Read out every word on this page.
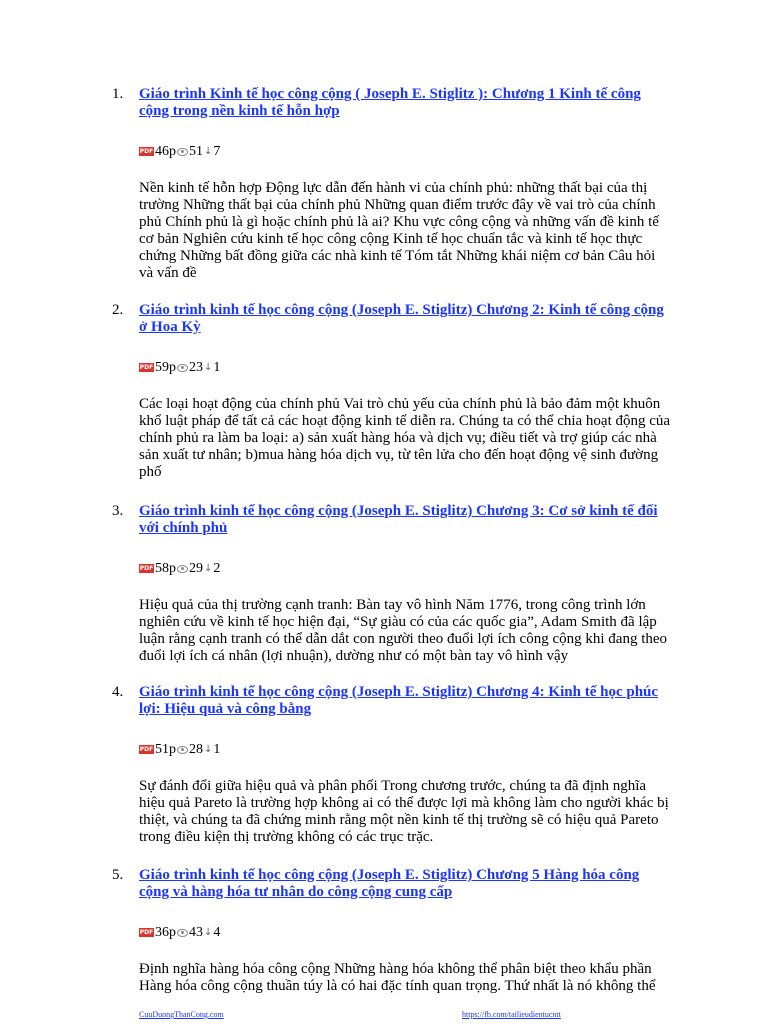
1.	Giáo trình Kinh tế học công cộng ( Joseph E. Stiglitz ): Chương 1 Kinh tế công cộng trong nền kinh tế hỗn hợp
PDF 46p 51 ↓ 7
Nền kinh tế hỗn hợp Động lực dẫn đến hành vi của chính phủ: những thất bại của thị trường Những thất bại của chính phủ Những quan điểm trước đây về vai trò của chính phủ Chính phủ là gì hoặc chính phủ là ai? Khu vực công cộng và những vấn đề kinh tế cơ bản Nghiên cứu kinh tế học công cộng Kinh tế học chuẩn tắc và kinh tế học thực chứng Những bất đồng giữa các nhà kinh tế Tóm tắt Những khái niệm cơ bản Câu hỏi và vấn đề
2.	Giáo trình kinh tế học công cộng (Joseph E. Stiglitz) Chương 2: Kinh tế công cộng ở Hoa Kỳ
PDF 59p 23 ↓ 1
Các loại hoạt động của chính phủ Vai trò chủ yếu của chính phủ là bảo đảm một khuôn khổ luật pháp để tất cả các hoạt động kinh tế diễn ra. Chúng ta có thể chia hoạt động của chính phủ ra làm ba loại: a) sản xuất hàng hóa và dịch vụ; điều tiết và trợ giúp các nhà sản xuất tư nhân; b)mua hàng hóa dịch vụ, từ tên lửa cho đến hoạt động vệ sinh đường phố
3.	Giáo trình kinh tế học công cộng (Joseph E. Stiglitz) Chương 3: Cơ sở kinh tế đối với chính phủ
PDF 58p 29 ↓ 2
Hiệu quả của thị trường cạnh tranh: Bàn tay vô hình Năm 1776, trong công trình lớn nghiên cứu về kinh tế học hiện đại, “Sự giàu có của các quốc gia”, Adam Smith đã lập luận rằng cạnh tranh có thể dẫn dắt con người theo đuổi lợi ích công cộng khi đang theo đuổi lợi ích cá nhân (lợi nhuận), dường như có một bàn tay vô hình vậy
4.	Giáo trình kinh tế học công cộng (Joseph E. Stiglitz) Chương 4: Kinh tế học phúc lợi: Hiệu quả và công bằng
PDF 51p 28 ↓ 1
Sự đánh đổi giữa hiệu quả và phân phối Trong chương trước, chúng ta đã định nghĩa hiệu quả Pareto là trường hợp không ai có thể được lợi mà không làm cho người khác bị thiệt, và chúng ta đã chứng minh rằng một nền kinh tế thị trường sẽ có hiệu quả Pareto trong điều kiện thị trường không có các trục trặc.
5.	Giáo trình kinh tế học công cộng (Joseph E. Stiglitz) Chương 5 Hàng hóa công cộng và hàng hóa tư nhân do công cộng cung cấp
PDF 36p 43 ↓ 4
Định nghĩa hàng hóa công cộng Những hàng hóa không thể phân biệt theo khẩu phần Hàng hóa công cộng thuần túy là có hai đặc tính quan trọng. Thứ nhất là nó không thể
CuuDuongThanCong.com	https://fb.com/tailieudientucntt
